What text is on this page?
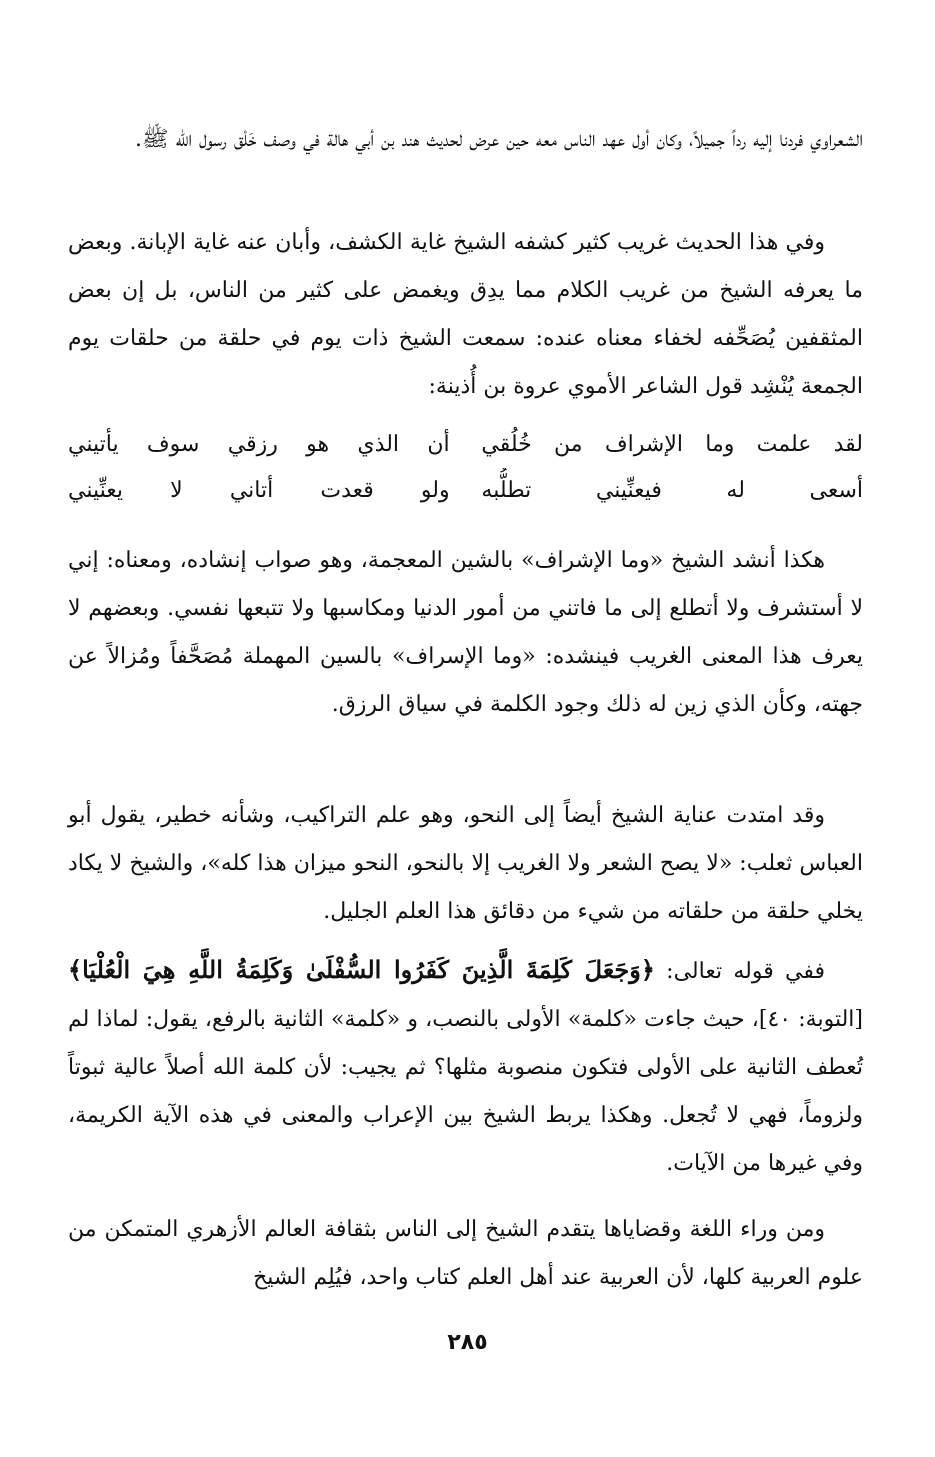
الشعراوي فردنا إليه رداً جميلاً، وكان أول عهد الناس معه حين عرض لحديث هند بن أبي هالة في وصف خَلْق رسول الله ﷺ.

وفي هذا الحديث غريب كثير كشفه الشيخ غاية الكشف، وأبان عنه غاية الإبانة. وبعض ما يعرفه الشيخ من غريب الكلام مما يدِق ويغمض على كثير من الناس، بل إن بعض المثقفين يُصَحِّفه لخفاء معناه عنده: سمعت الشيخ ذات يوم في حلقة من حلقات يوم الجمعة يُنْشِد قول الشاعر الأموي عروة بن أُذينة:

لقد علمت وما الإشراف من خُلُقي
أن الذي هو رزقي سوف يأتيني
أسعى له فيعنِّيني تطلُّبه
ولو قعدت أتاني لا يعنِّيني

هكذا أنشد الشيخ «وما الإشراف» بالشين المعجمة، وهو صواب إنشاده، ومعناه: إني لا أستشرف ولا أتطلع إلى ما فاتني من أمور الدنيا ومكاسبها ولا تتبعها نفسي. وبعضهم لا يعرف هذا المعنى الغريب فينشده: «وما الإسراف» بالسين المهملة مُصَحَّفاً ومُزالاً عن جهته، وكأن الذي زين له ذلك وجود الكلمة في سياق الرزق.

وقد امتدت عناية الشيخ أيضاً إلى النحو، وهو علم التراكيب، وشأنه خطير، يقول أبو العباس ثعلب: «لا يصح الشعر ولا الغريب إلا بالنحو، النحو ميزان هذا كله»، والشيخ لا يكاد يخلي حلقة من حلقاته من شيء من دقائق هذا العلم الجليل.

ففي قوله تعالى: ﴿وَجَعَلَ كَلِمَةَ الَّذِينَ كَفَرُوا السُّفْلَىٰ وَكَلِمَةُ اللَّهِ هِيَ الْعُلْيَا﴾ [التوبة: ٤٠]، حيث جاءت «كلمة» الأولى بالنصب، و «كلمة» الثانية بالرفع، يقول: لماذا لم تُعطف الثانية على الأولى فتكون منصوبة مثلها؟ ثم يجيب: لأن كلمة الله أصلاً عالية ثبوتاً ولزوماً، فهي لا تُجعل. وهكذا يربط الشيخ بين الإعراب والمعنى في هذه الآية الكريمة، وفي غيرها من الآيات.

ومن وراء اللغة وقضاياها يتقدم الشيخ إلى الناس بثقافة العالم الأزهري المتمكن من علوم العربية كلها، لأن العربية عند أهل العلم كتاب واحد، فيُلِم الشيخ

٢٨٥
